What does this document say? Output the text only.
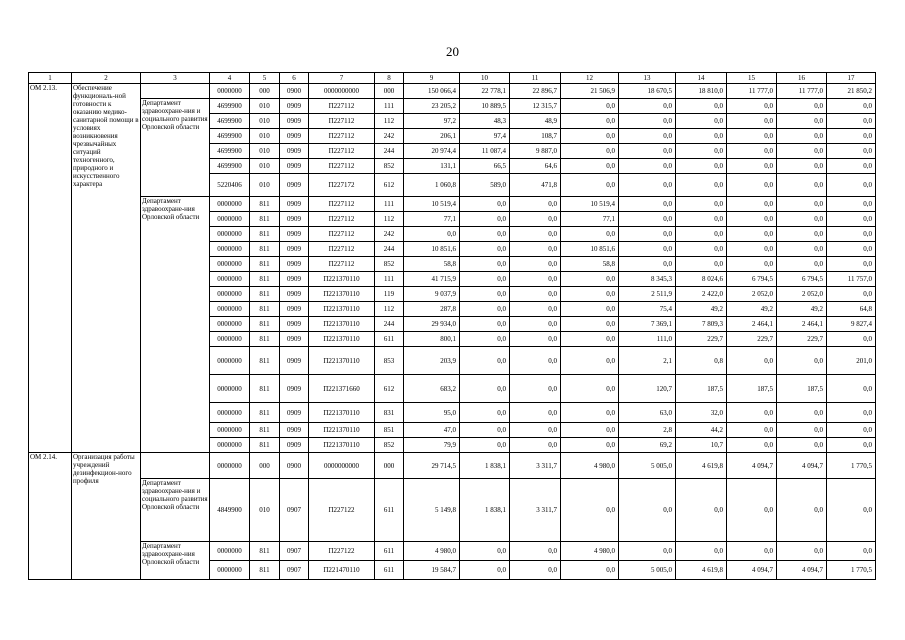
20
1	2	3	4	5	6	7	8	9	10	11	12	13	14	15	16	17
ОМ 2.13.	Обеспечение функциональ-ной готовности к оказанию медико-санитарной помощи в условиях возникновения чрезвычайных ситуаций техногенного, природного и искусственного характера		0000000	000	0900	0000000000	000	150 066,4	22 778,1	22 896,7	21 506,9	18 670,5	18 810,0	11 777,0	11 777,0	21 850,2
		Департамент здравоохране-ния и социального развития Орловской области	4699900	010	0909	П227112	111	23 205,2	10 889,5	12 315,7	0,0	0,0	0,0	0,0	0,0	0,0
			4699900	010	0909	П227112	112	97,2	48,3	48,9	0,0	0,0	0,0	0,0	0,0	0,0
			4699900	010	0909	П227112	242	206,1	97,4	108,7	0,0	0,0	0,0	0,0	0,0	0,0
			4699900	010	0909	П227112	244	20 974,4	11 087,4	9 887,0	0,0	0,0	0,0	0,0	0,0	0,0
			4699900	010	0909	П227112	852	131,1	66,5	64,6	0,0	0,0	0,0	0,0	0,0	0,0
			5220406	010	0909	П227172	612	1 060,8	589,0	471,8	0,0	0,0	0,0	0,0	0,0	0,0
		Департамент здравоохране-ния Орловской области	0000000	811	0909	П227112	111	10 519,4	0,0	0,0	10 519,4	0,0	0,0	0,0	0,0	0,0
			0000000	811	0909	П227112	112	77,1	0,0	0,0	77,1	0,0	0,0	0,0	0,0	0,0
			0000000	811	0909	П227112	242	0,0	0,0	0,0	0,0	0,0	0,0	0,0	0,0	0,0
			0000000	811	0909	П227112	244	10 851,6	0,0	0,0	10 851,6	0,0	0,0	0,0	0,0	0,0
			0000000	811	0909	П227112	852	58,8	0,0	0,0	58,8	0,0	0,0	0,0	0,0	0,0
			0000000	811	0909	П221370110	111	41 715,9	0,0	0,0	0,0	8 345,3	8 024,6	6 794,5	6 794,5	11 757,0
			0000000	811	0909	П221370110	119	9 037,9	0,0	0,0	0,0	2 511,9	2 422,0	2 052,0	2 052,0	0,0
			0000000	811	0909	П221370110	112	287,8	0,0	0,0	0,0	75,4	49,2	49,2	49,2	64,8
			0000000	811	0909	П221370110	244	29 934,0	0,0	0,0	0,0	7 369,1	7 809,3	2 464,1	2 464,1	9 827,4
			0000000	811	0909	П221370110	611	800,1	0,0	0,0	0,0	111,0	229,7	229,7	229,7	0,0
			0000000	811	0909	П221370110	853	203,9	0,0	0,0	0,0	2,1	0,8	0,0	0,0	201,0
			0000000	811	0909	П221371660	612	683,2	0,0	0,0	0,0	120,7	187,5	187,5	187,5	0,0
			0000000	811	0909	П221370110	831	95,0	0,0	0,0	0,0	63,0	32,0	0,0	0,0	0,0
			0000000	811	0909	П221370110	851	47,0	0,0	0,0	0,0	2,8	44,2	0,0	0,0	0,0
			0000000	811	0909	П221370110	852	79,9	0,0	0,0	0,0	69,2	10,7	0,0	0,0	0,0
ОМ 2.14.	Организация работы учреждений дезинфекцион-ного профиля		0000000	000	0900	0000000000	000	29 714,5	1 838,1	3 311,7	4 980,0	5 005,0	4 619,8	4 094,7	4 094,7	1 770,5
		Департамент здравоохране-ния и социального развития Орловской области	4849900	010	0907	П227122	611	5 149,8	1 838,1	3 311,7	0,0	0,0	0,0	0,0	0,0	0,0
		Департамент здравоохране-ния Орловской области	0000000	811	0907	П227122	611	4 980,0	0,0	0,0	4 980,0	0,0	0,0	0,0	0,0	0,0
			0000000	811	0907	П221470110	611	19 584,7	0,0	0,0	0,0	5 005,0	4 619,8	4 094,7	4 094,7	1 770,5
